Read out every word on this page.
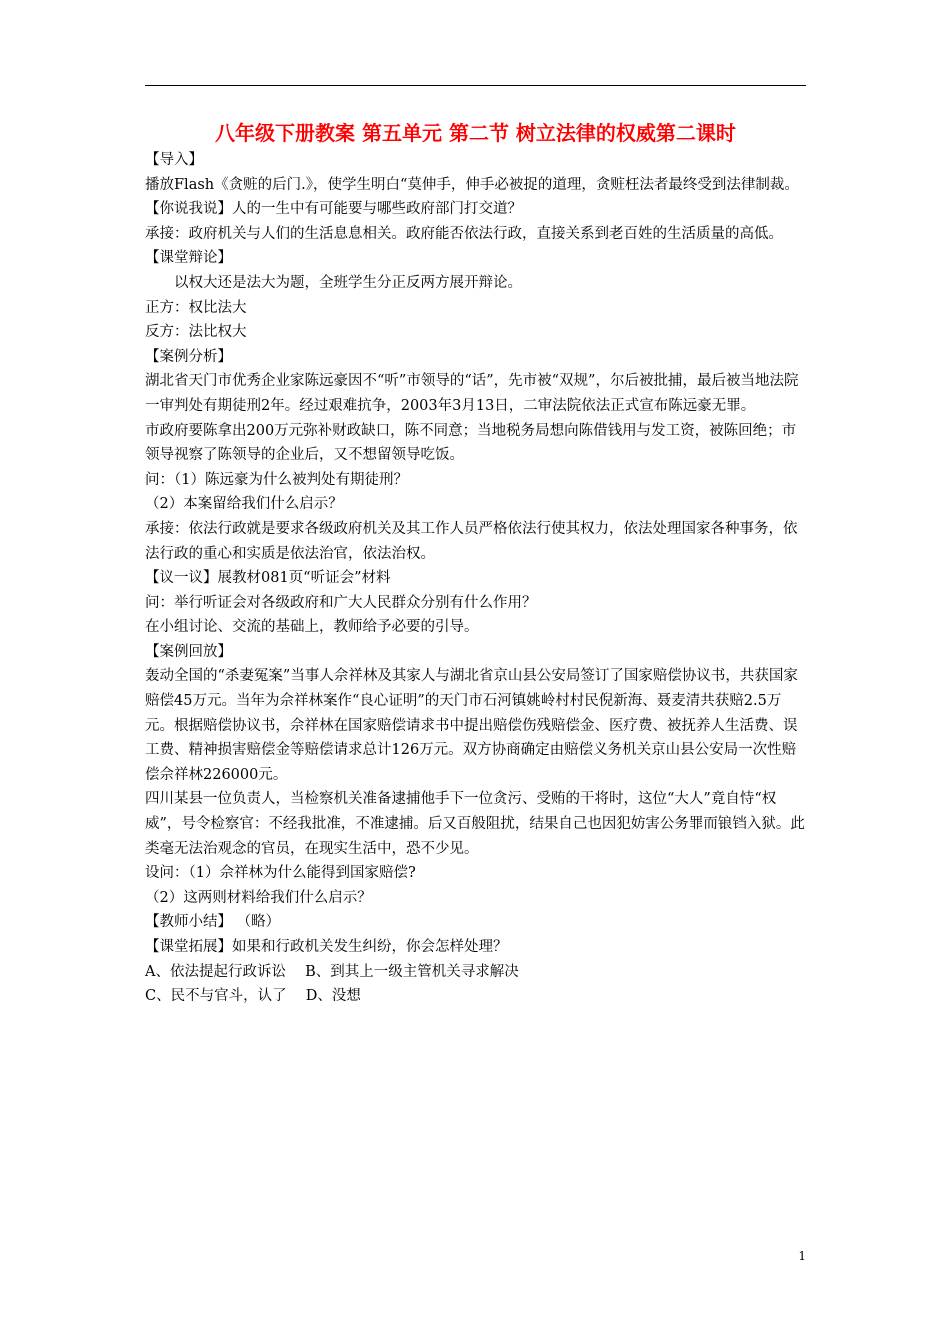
八年级下册教案 第五单元 第二节 树立法律的权威第二课时

【导入】

播放Flash《贪赃的后门.》，使学生明白“莫伸手，伸手必被捉的道理，贪赃枉法者最终受到法律制裁。

【你说我说】人的一生中有可能要与哪些政府部门打交道？

承接：政府机关与人们的生活息息相关。政府能否依法行政，直接关系到老百姓的生活质量的高低。

【课堂辩论】

以权大还是法大为题，全班学生分正反两方展开辩论。

正方：权比法大

反方：法比权大

【案例分析】

湖北省天门市优秀企业家陈远豪因不“听”市领导的“话”，先市被“双规”，尔后被批捕，最后被当地法院一审判处有期徒刑2年。经过艰难抗争，2003年3月13日，二审法院依法正式宣布陈远豪无罪。

市政府要陈拿出200万元弥补财政缺口，陈不同意；当地税务局想向陈借钱用与发工资，被陈回绝；市领导视察了陈领导的企业后，又不想留领导吃饭。

问：（1）陈远豪为什么被判处有期徒刑？

（2）本案留给我们什么启示？

承接：依法行政就是要求各级政府机关及其工作人员严格依法行使其权力，依法处理国家各种事务，依法行政的重心和实质是依法治官，依法治权。

【议一议】展教材081页“听证会”材料

问：举行听证会对各级政府和广大人民群众分别有什么作用？

在小组讨论、交流的基础上，教师给予必要的引导。

【案例回放】

轰动全国的“杀妻冤案”当事人佘祥林及其家人与湖北省京山县公安局签订了国家赔偿协议书，共获国家赔偿45万元。当年为佘祥林案作“良心证明”的天门市石河镇姚岭村村民倪新海、聂麦清共获赔2.5万元。根据赔偿协议书，佘祥林在国家赔偿请求书中提出赔偿伤残赔偿金、医疗费、被抚养人生活费、误工费、精神损害赔偿金等赔偿请求总计126万元。双方协商确定由赔偿义务机关京山县公安局一次性赔偿佘祥林226000元。

四川某县一位负责人，当检察机关准备逮捕他手下一位贪污、受贿的干将时，这位“大人”竟自恃“权威”，号令检察官：不经我批准，不准逮捕。后又百般阻扰，结果自己也因犯妨害公务罪而锒铛入狱。此类毫无法治观念的官员，在现实生活中，恐不少见。

设问：（1）佘祥林为什么能得到国家赔偿?

（2）这两则材料给我们什么启示？

【教师小结】 （略）

【课堂拓展】如果和行政机关发生纠纷，你会怎样处理？

A、依法提起行政诉讼　 B、到其上一级主管机关寻求解决

C、民不与官斗，认了　 D、没想

1
